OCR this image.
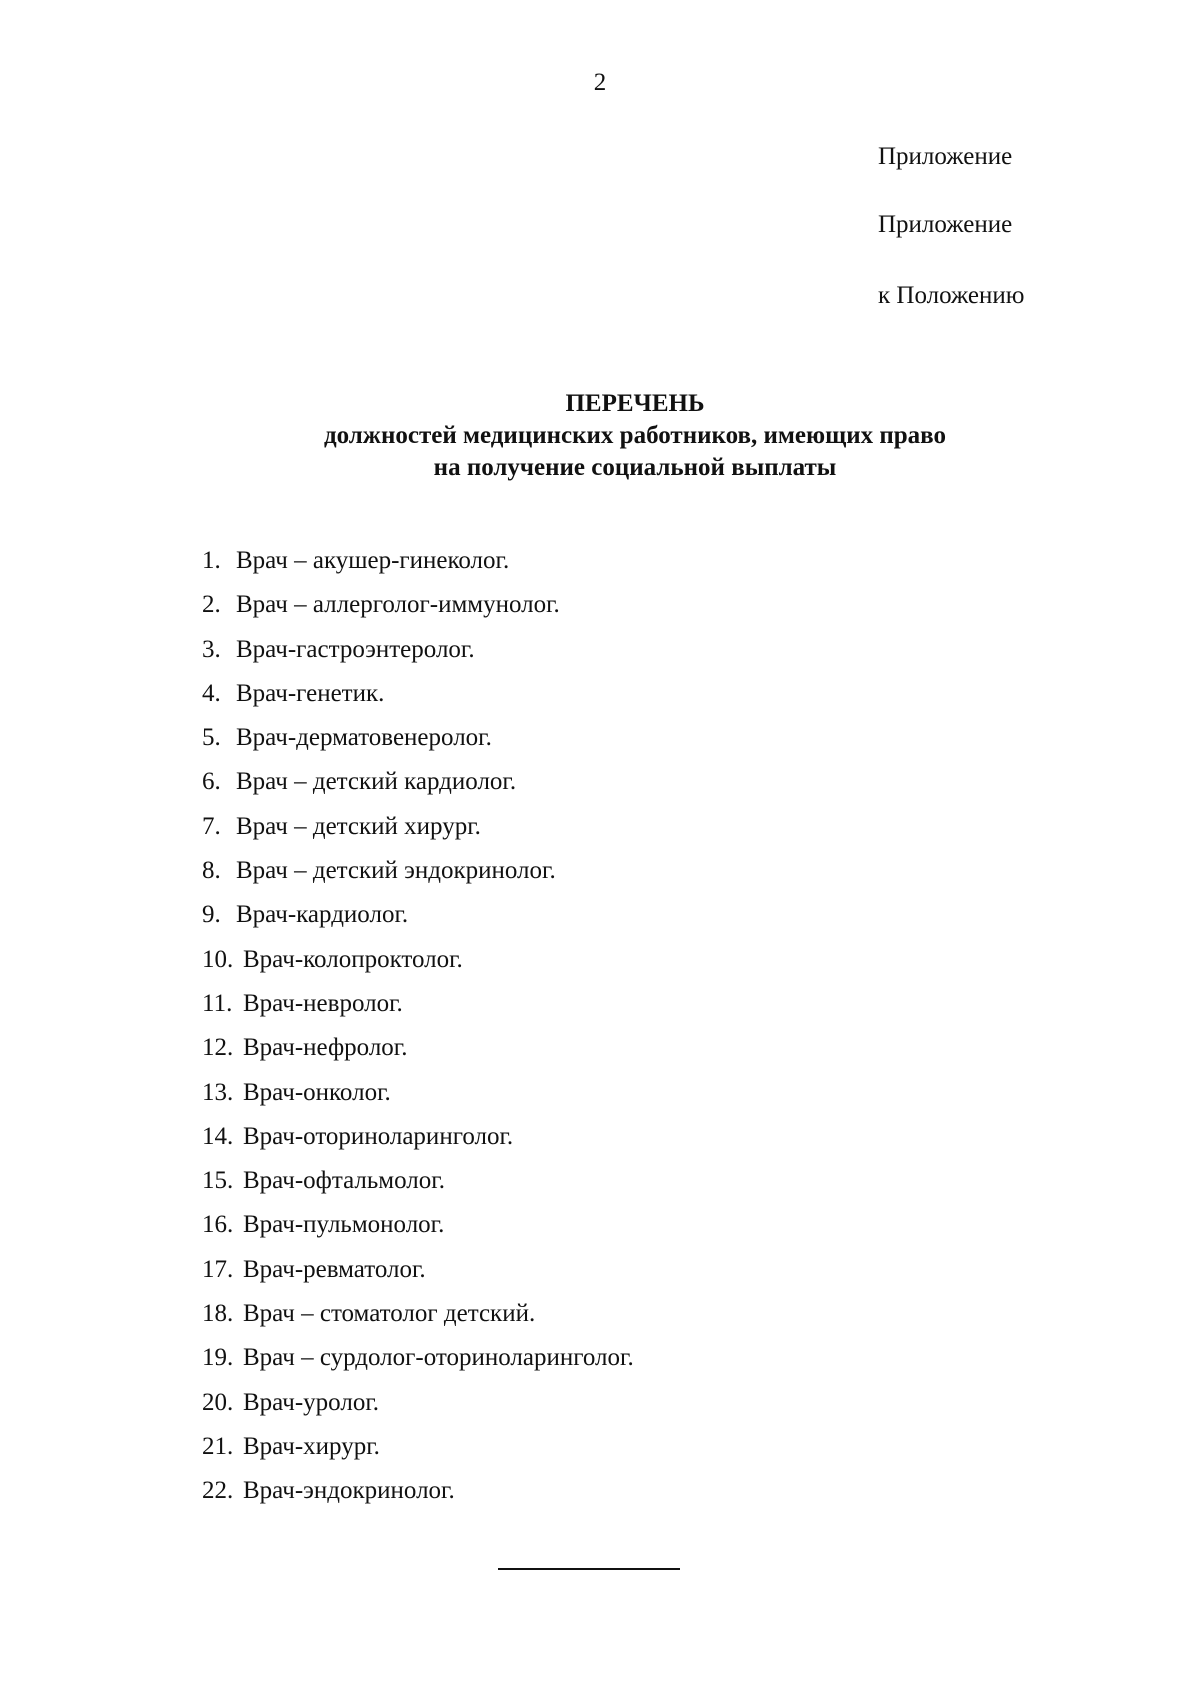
2
Приложение
Приложение
к Положению
ПЕРЕЧЕНЬ
должностей медицинских работников, имеющих право
на получение социальной выплаты
1. Врач – акушер-гинеколог.
2. Врач – аллерголог-иммунолог.
3. Врач-гастроэнтеролог.
4. Врач-генетик.
5. Врач-дерматовенеролог.
6. Врач – детский кардиолог.
7. Врач – детский хирург.
8. Врач – детский эндокринолог.
9. Врач-кардиолог.
10. Врач-колопроктолог.
11. Врач-невролог.
12. Врач-нефролог.
13. Врач-онколог.
14. Врач-оториноларинголог.
15. Врач-офтальмолог.
16. Врач-пульмонолог.
17. Врач-ревматолог.
18. Врач – стоматолог детский.
19. Врач – сурдолог-оториноларинголог.
20. Врач-уролог.
21. Врач-хирург.
22. Врач-эндокринолог.
